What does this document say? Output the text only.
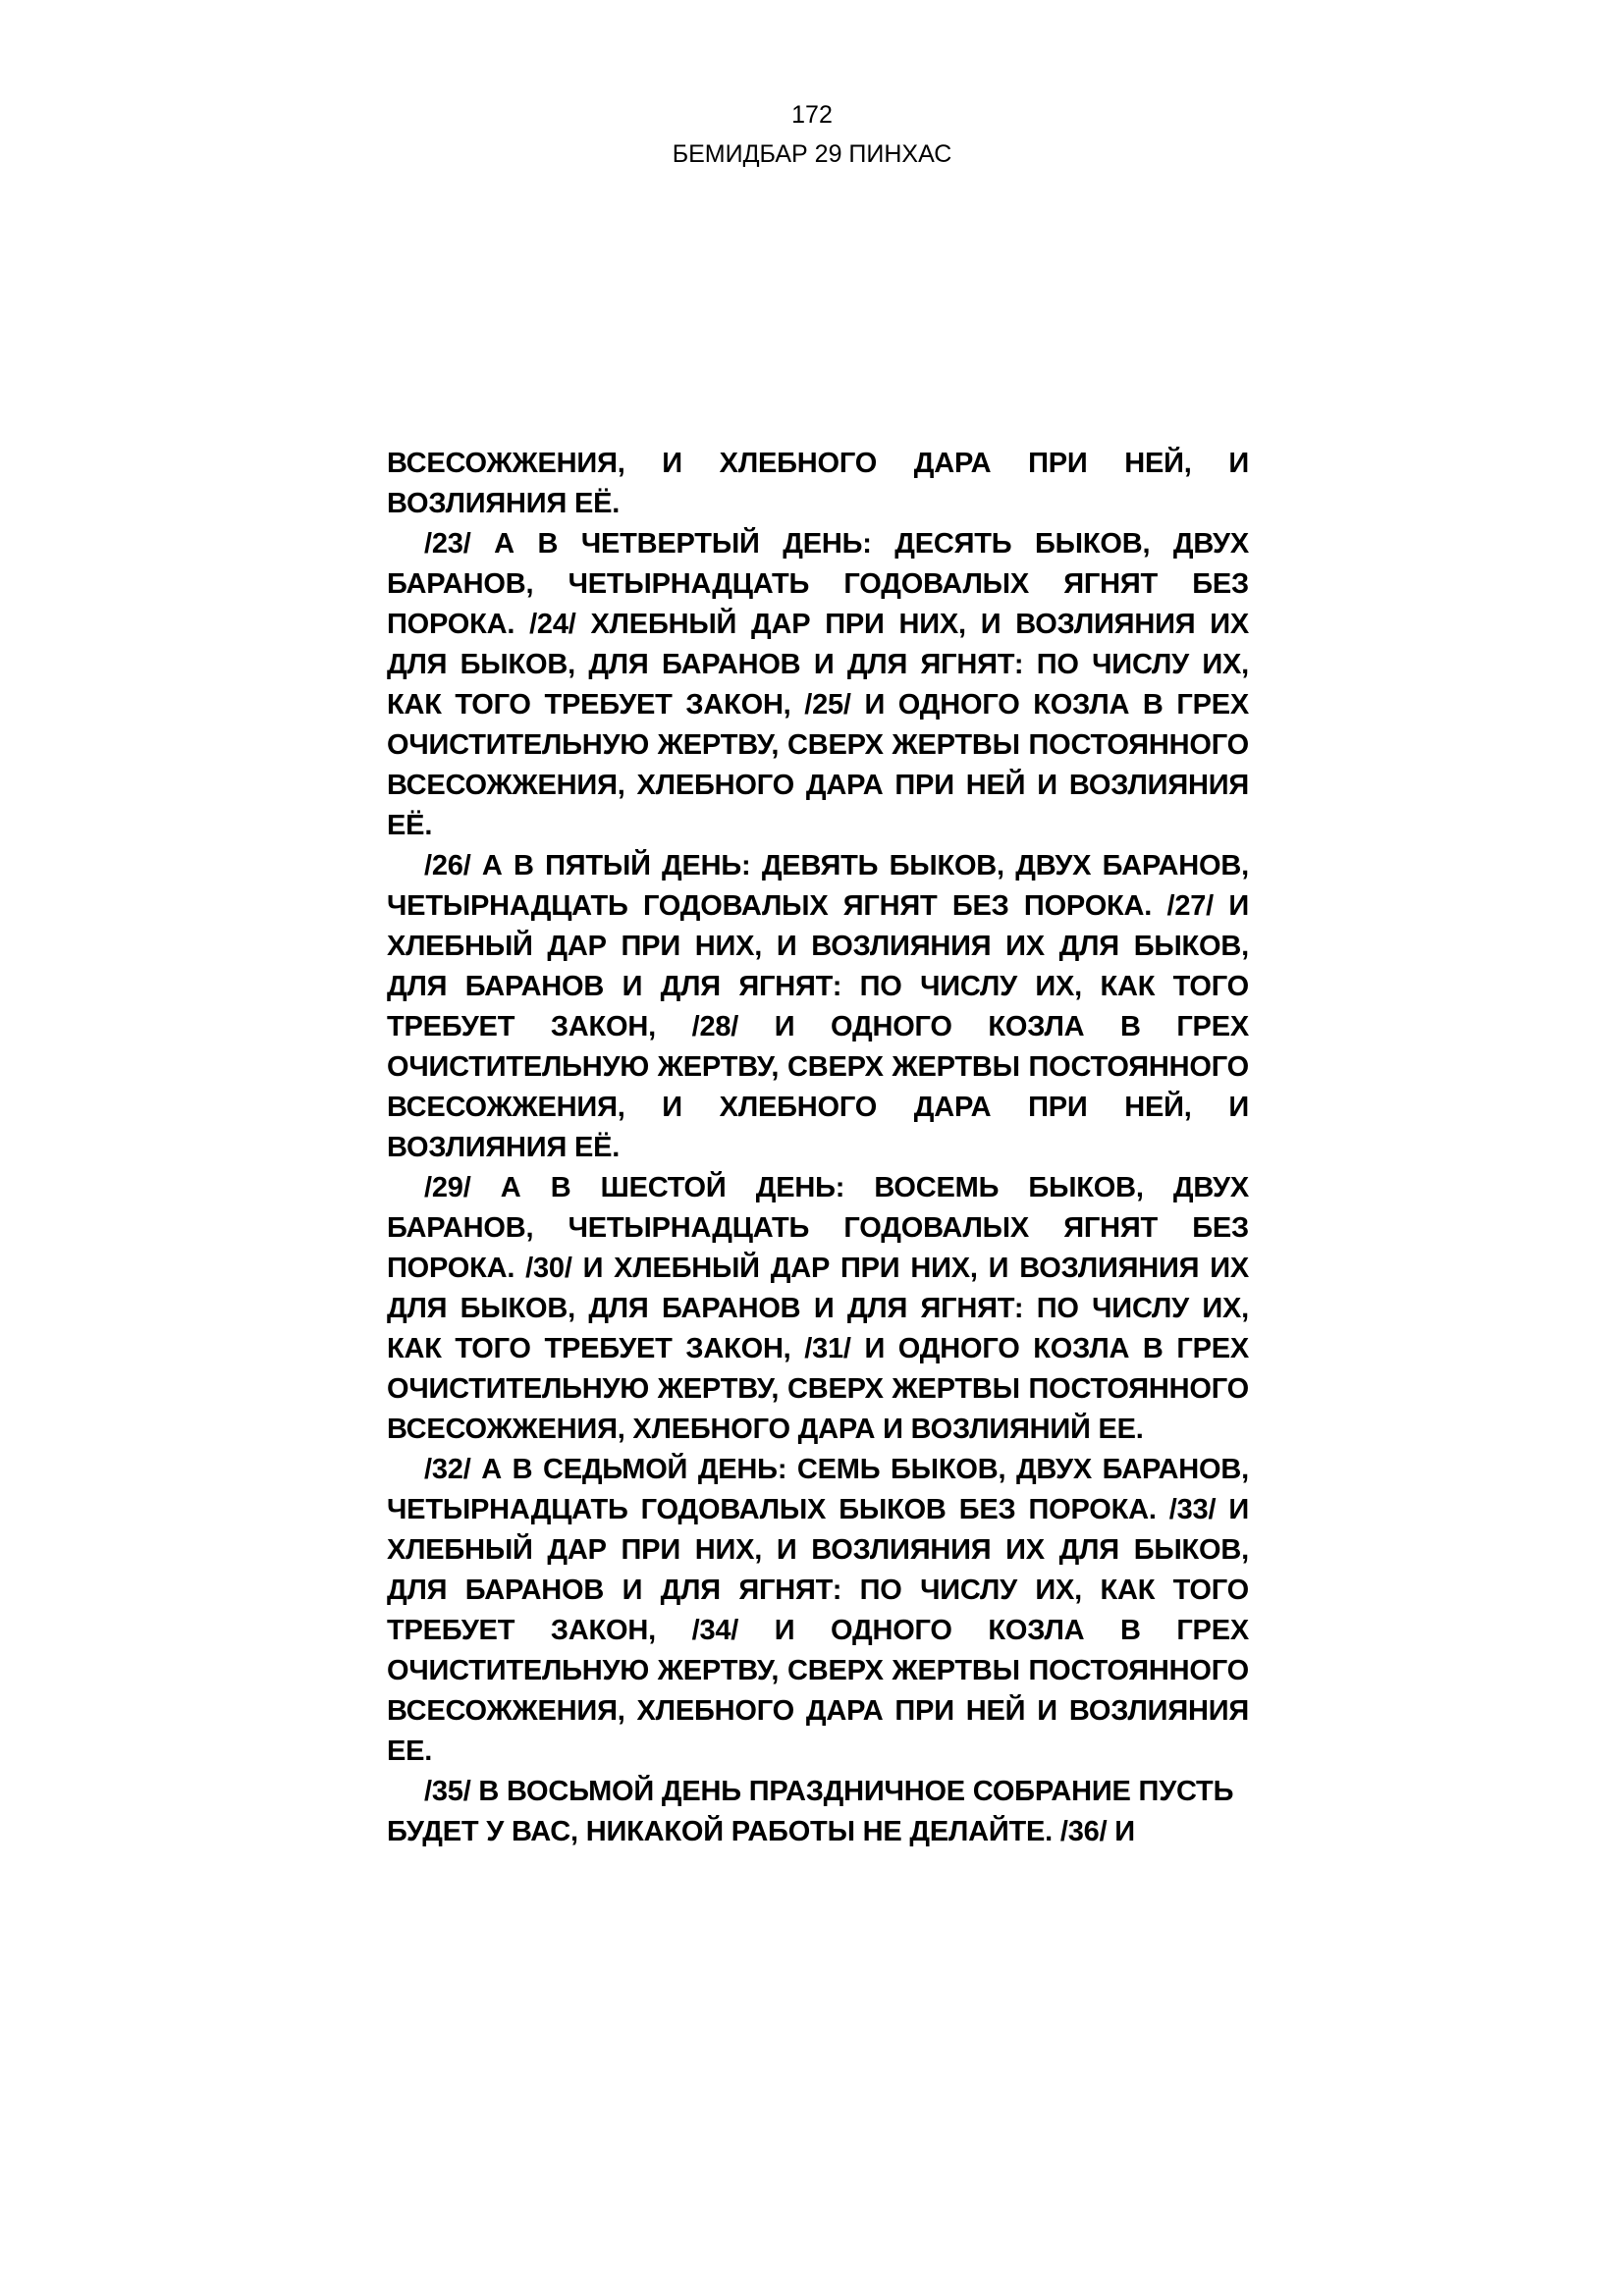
172
БЕМИДБАР 29 ПИНХАС

ВСЕСОЖЖЕНИЯ, И ХЛЕБНОГО ДАРА ПРИ НЕЙ, И ВОЗЛИЯНИЯ ЕЁ.

/23/ А В ЧЕТВЕРТЫЙ ДЕНЬ: ДЕСЯТЬ БЫКОВ, ДВУХ БАРАНОВ, ЧЕТЫРНАДЦАТЬ ГОДОВАЛЫХ ЯГНЯТ БЕЗ ПОРОКА. /24/ ХЛЕБНЫЙ ДАР ПРИ НИХ, И ВОЗЛИЯНИЯ ИХ ДЛЯ БЫКОВ, ДЛЯ БАРАНОВ И ДЛЯ ЯГНЯТ: ПО ЧИСЛУ ИХ, КАК ТОГО ТРЕБУЕТ ЗАКОН, /25/ И ОДНОГО КОЗЛА В ГРЕХ ОЧИСТИТЕЛЬНУЮ ЖЕРТВУ, СВЕРХ ЖЕРТВЫ ПОСТОЯННОГО ВСЕСОЖЖЕНИЯ, ХЛЕБНОГО ДАРА ПРИ НЕЙ И ВОЗЛИЯНИЯ ЕЁ.

/26/ А В ПЯТЫЙ ДЕНЬ: ДЕВЯТЬ БЫКОВ, ДВУХ БАРАНОВ, ЧЕТЫРНАДЦАТЬ ГОДОВАЛЫХ ЯГНЯТ БЕЗ ПОРОКА. /27/ И ХЛЕБНЫЙ ДАР ПРИ НИХ, И ВОЗЛИЯНИЯ ИХ ДЛЯ БЫКОВ, ДЛЯ БАРАНОВ И ДЛЯ ЯГНЯТ: ПО ЧИСЛУ ИХ, КАК ТОГО ТРЕБУЕТ ЗАКОН, /28/ И ОДНОГО КОЗЛА В ГРЕХ ОЧИСТИТЕЛЬНУЮ ЖЕРТВУ, СВЕРХ ЖЕРТВЫ ПОСТОЯННОГО ВСЕСОЖЖЕНИЯ, И ХЛЕБНОГО ДАРА ПРИ НЕЙ, И ВОЗЛИЯНИЯ ЕЁ.

/29/ А В ШЕСТОЙ ДЕНЬ: ВОСЕМЬ БЫКОВ, ДВУХ БАРАНОВ, ЧЕТЫРНАДЦАТЬ ГОДОВАЛЫХ ЯГНЯТ БЕЗ ПОРОКА. /30/ И ХЛЕБНЫЙ ДАР ПРИ НИХ, И ВОЗЛИЯНИЯ ИХ ДЛЯ БЫКОВ, ДЛЯ БАРАНОВ И ДЛЯ ЯГНЯТ: ПО ЧИСЛУ ИХ, КАК ТОГО ТРЕБУЕТ ЗАКОН, /31/ И ОДНОГО КОЗЛА В ГРЕХ ОЧИСТИТЕЛЬНУЮ ЖЕРТВУ, СВЕРХ ЖЕРТВЫ ПОСТОЯННОГО ВСЕСОЖЖЕНИЯ, ХЛЕБНОГО ДАРА И ВОЗЛИЯНИЙ ЕЕ.

/32/ А В СЕДЬМОЙ ДЕНЬ: СЕМЬ БЫКОВ, ДВУХ БАРАНОВ, ЧЕТЫРНАДЦАТЬ ГОДОВАЛЫХ БЫКОВ БЕЗ ПОРОКА. /33/ И ХЛЕБНЫЙ ДАР ПРИ НИХ, И ВОЗЛИЯНИЯ ИХ ДЛЯ БЫКОВ, ДЛЯ БАРАНОВ И ДЛЯ ЯГНЯТ: ПО ЧИСЛУ ИХ, КАК ТОГО ТРЕБУЕТ ЗАКОН, /34/ И ОДНОГО КОЗЛА В ГРЕХ ОЧИСТИТЕЛЬНУЮ ЖЕРТВУ, СВЕРХ ЖЕРТВЫ ПОСТОЯННОГО ВСЕСОЖЖЕНИЯ, ХЛЕБНОГО ДАРА ПРИ НЕЙ И ВОЗЛИЯНИЯ ЕЕ.

/35/ В ВОСЬМОЙ ДЕНЬ ПРАЗДНИЧНОЕ СОБРАНИЕ ПУСТЬ БУДЕТ У ВАС, НИКАКОЙ РАБОТЫ НЕ ДЕЛАЙТЕ. /36/ И
